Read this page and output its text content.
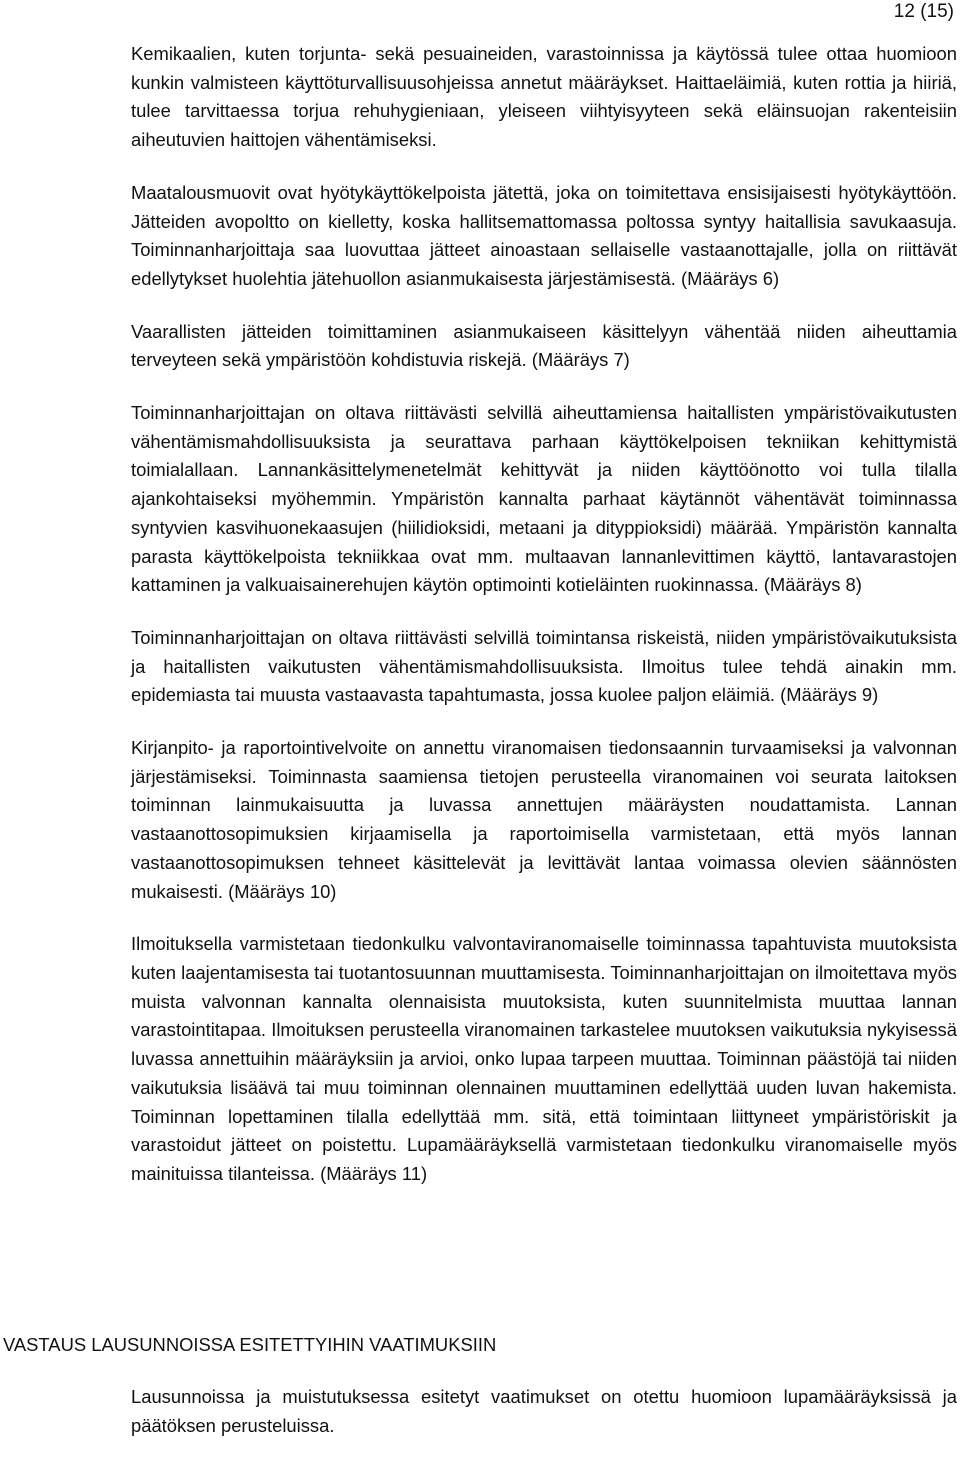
12 (15)

Kemikaalien, kuten torjunta- sekä pesuaineiden, varastoinnissa ja käytössä tulee ottaa huomioon kunkin valmisteen käyttöturvallisuusohjeissa annetut määräykset. Haittaeläimiä, kuten rottia ja hiiriä, tulee tarvittaessa torjua rehuhygieniaan, yleiseen viihtyisyyteen sekä eläinsuojan rakenteisiin aiheutuvien haittojen vähentämiseksi.

Maatalousmuovit ovat hyötykäyttökelpoista jätettä, joka on toimitettava ensisijaisesti hyötykäyttöön. Jätteiden avopoltto on kielletty, koska hallitsemattomassa poltossa syntyy haitallisia savukaasuja. Toiminnanharjoittaja saa luovuttaa jätteet ainoastaan sellaiselle vastaanottajalle, jolla on riittävät edellytykset huolehtia jätehuollon asianmukaisesta järjestämisestä. (Määräys 6)

Vaarallisten jätteiden toimittaminen asianmukaiseen käsittelyyn vähentää niiden aiheuttamia terveyteen sekä ympäristöön kohdistuvia riskejä. (Määräys 7)

Toiminnanharjoittajan on oltava riittävästi selvillä aiheuttamiensa haitallisten ympäristövaikutusten vähentämismahdollisuuksista ja seurattava parhaan käyttökelpoisen tekniikan kehittymistä toimialallaan. Lannankäsittelymenetelmät kehittyvät ja niiden käyttöönotto voi tulla tilalla ajankohtaiseksi myöhemmin. Ympäristön kannalta parhaat käytännöt vähentävät toiminnassa syntyvien kasvihuonekaasujen (hiilidioksidi, metaani ja dityppioksidi) määrää. Ympäristön kannalta parasta käyttökelpoista tekniikkaa ovat mm. multaavan lannanlevittimen käyttö, lantavarastojen kattaminen ja valkuaisainerehujen käytön optimointi kotieläinten ruokinnassa. (Määräys 8)

Toiminnanharjoittajan on oltava riittävästi selvillä toimintansa riskeistä, niiden ympäristövaikutuksista ja haitallisten vaikutusten vähentämismahdollisuuksista. Ilmoitus tulee tehdä ainakin mm. epidemiasta tai muusta vastaavasta tapahtumasta, jossa kuolee paljon eläimiä. (Määräys 9)

Kirjanpito- ja raportointivelvoite on annettu viranomaisen tiedonsaannin turvaamiseksi ja valvonnan järjestämiseksi. Toiminnasta saamiensa tietojen perusteella viranomainen voi seurata laitoksen toiminnan lainmukaisuutta ja luvassa annettujen määräysten noudattamista. Lannan vastaanottosopimuksien kirjaamisella ja raportoimisella varmistetaan, että myös lannan vastaanottosopimuksen tehneet käsittelevät ja levittävät lantaa voimassa olevien säännösten mukaisesti. (Määräys 10)

Ilmoituksella varmistetaan tiedonkulku valvontaviranomaiselle toiminnassa tapahtuvista muutoksista kuten laajentamisesta tai tuotantosuunnan muuttamisesta. Toiminnanharjoittajan on ilmoitettava myös muista valvonnan kannalta olennaisista muutoksista, kuten suunnitelmista muuttaa lannan varastointitapaa. Ilmoituksen perusteella viranomainen tarkastelee muutoksen vaikutuksia nykyisessä luvassa annettuihin määräyksiin ja arvioi, onko lupaa tarpeen muuttaa. Toiminnan päästöjä tai niiden vaikutuksia lisäävä tai muu toiminnan olennainen muuttaminen edellyttää uuden luvan hakemista. Toiminnan lopettaminen tilalla edellyttää mm. sitä, että toimintaan liittyneet ympäristöriskit ja varastoidut jätteet on poistettu. Lupamääräyksellä varmistetaan tiedonkulku viranomaiselle myös mainituissa tilanteissa. (Määräys 11)

VASTAUS LAUSUNNOISSA ESITETTYIHIN VAATIMUKSIIN

Lausunnoissa ja muistutuksessa esitetyt vaatimukset on otettu huomioon lupamääräyksissä ja päätöksen perusteluissa.
